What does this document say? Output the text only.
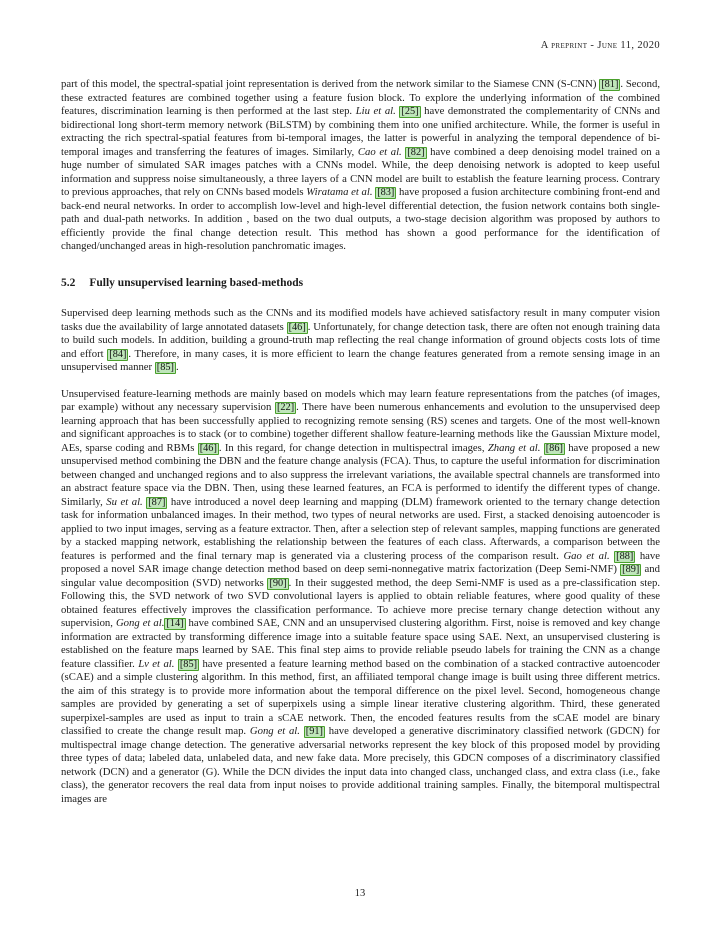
A preprint - June 11, 2020

part of this model, the spectral-spatial joint representation is derived from the network similar to the Siamese CNN (S-CNN) [81] . Second, these extracted features are combined together using a feature fusion block. To explore the underlying information of the combined features, discrimination learning is then performed at the last step. Liu et al. [25] have demonstrated the complementarity of CNNs and bidirectional long short-term memory network (BiLSTM) by combining them into one unified architecture. While, the former is useful in extracting the rich spectral-spatial features from bi-temporal images, the latter is powerful in analyzing the temporal dependence of bi-temporal images and transferring the features of images. Similarly, Cao et al. [82] have combined a deep denoising model trained on a huge number of simulated SAR images patches with a CNNs model. While, the deep denoising network is adopted to keep useful information and suppress noise simultaneously, a three layers of a CNN model are built to establish the feature learning process. Contrary to previous approaches, that rely on CNNs based models Wiratama et al. [83] have proposed a fusion architecture combining front-end and back-end neural networks. In order to accomplish low-level and high-level differential detection, the fusion network contains both single-path and dual-path networks. In addition , based on the two dual outputs, a two-stage decision algorithm was proposed by authors to efficiently provide the final change detection result. This method has shown a good performance for the identification of changed/unchanged areas in high-resolution panchromatic images.

5.2 Fully unsupervised learning based-methods

Supervised deep learning methods such as the CNNs and its modified models have achieved satisfactory result in many computer vision tasks due the availability of large annotated datasets [46] . Unfortunately, for change detection task, there are often not enough training data to build such models. In addition, building a ground-truth map reflecting the real change information of ground objects costs lots of time and effort [84] . Therefore, in many cases, it is more efficient to learn the change features generated from a remote sensing image in an unsupervised manner [85] .

Unsupervised feature-learning methods are mainly based on models which may learn feature representations from the patches (of images, par example) without any necessary supervision [22] . There have been numerous enhancements and evolution to the unsupervised deep learning approach that has been successfully applied to recognizing remote sensing (RS) scenes and targets. One of the most well-known and significant approaches is to stack (or to combine) together different shallow feature-learning methods like the Gaussian Mixture model, AEs, sparse coding and RBMs [46] . In this regard, for change detection in multispectral images, Zhang et al. [86] have proposed a new unsupervised method combining the DBN and the feature change analysis (FCA). Thus, to capture the useful information for discrimination between changed and unchanged regions and to also suppress the irrelevant variations, the available spectral channels are transformed into an abstract feature space via the DBN. Then, using these learned features, an FCA is performed to identify the different types of change. Similarly, Su et al. [87] have introduced a novel deep learning and mapping (DLM) framework oriented to the ternary change detection task for information unbalanced images. In their method, two types of neural networks are used. First, a stacked denoising autoencoder is applied to two input images, serving as a feature extractor. Then, after a selection step of relevant samples, mapping functions are generated by a stacked mapping network, establishing the relationship between the features of each class. Afterwards, a comparison between the features is performed and the final ternary map is generated via a clustering process of the comparison result. Gao et al. [88] have proposed a novel SAR image change detection method based on deep semi-nonnegative matrix factorization (Deep Semi-NMF) [89] and singular value decomposition (SVD) networks [90] . In their suggested method, the deep Semi-NMF is used as a pre-classification step. Following this, the SVD network of two SVD convolutional layers is applied to obtain reliable features, where good quality of these obtained features effectively improves the classification performance. To achieve more precise ternary change detection without any supervision, Gong et al. [14] have combined SAE, CNN and an unsupervised clustering algorithm. First, noise is removed and key change information are extracted by transforming difference image into a suitable feature space using SAE. Next, an unsupervised clustering is established on the feature maps learned by SAE. This final step aims to provide reliable pseudo labels for training the CNN as a change feature classifier. Lv et al. [85] have presented a feature learning method based on the combination of a stacked contractive autoencoder (sCAE) and a simple clustering algorithm. In this method, first, an affiliated temporal change image is built using three different metrics. the aim of this strategy is to provide more information about the temporal difference on the pixel level. Second, homogeneous change samples are provided by generating a set of superpixels using a simple linear iterative clustering algorithm. Third, these generated superpixel-samples are used as input to train a sCAE network. Then, the encoded features results from the sCAE model are binary classified to create the change result map. Gong et al. [91] have developed a generative discriminatory classified network (GDCN) for multispectral image change detection. The generative adversarial networks represent the key block of this proposed model by providing three types of data; labeled data, unlabeled data, and new fake data. More precisely, this GDCN composes of a discriminatory classified network (DCN) and a generator (G). While the DCN divides the input data into changed class, unchanged class, and extra class (i.e., fake class), the generator recovers the real data from input noises to provide additional training samples. Finally, the bitemporal multispectral images are

13
